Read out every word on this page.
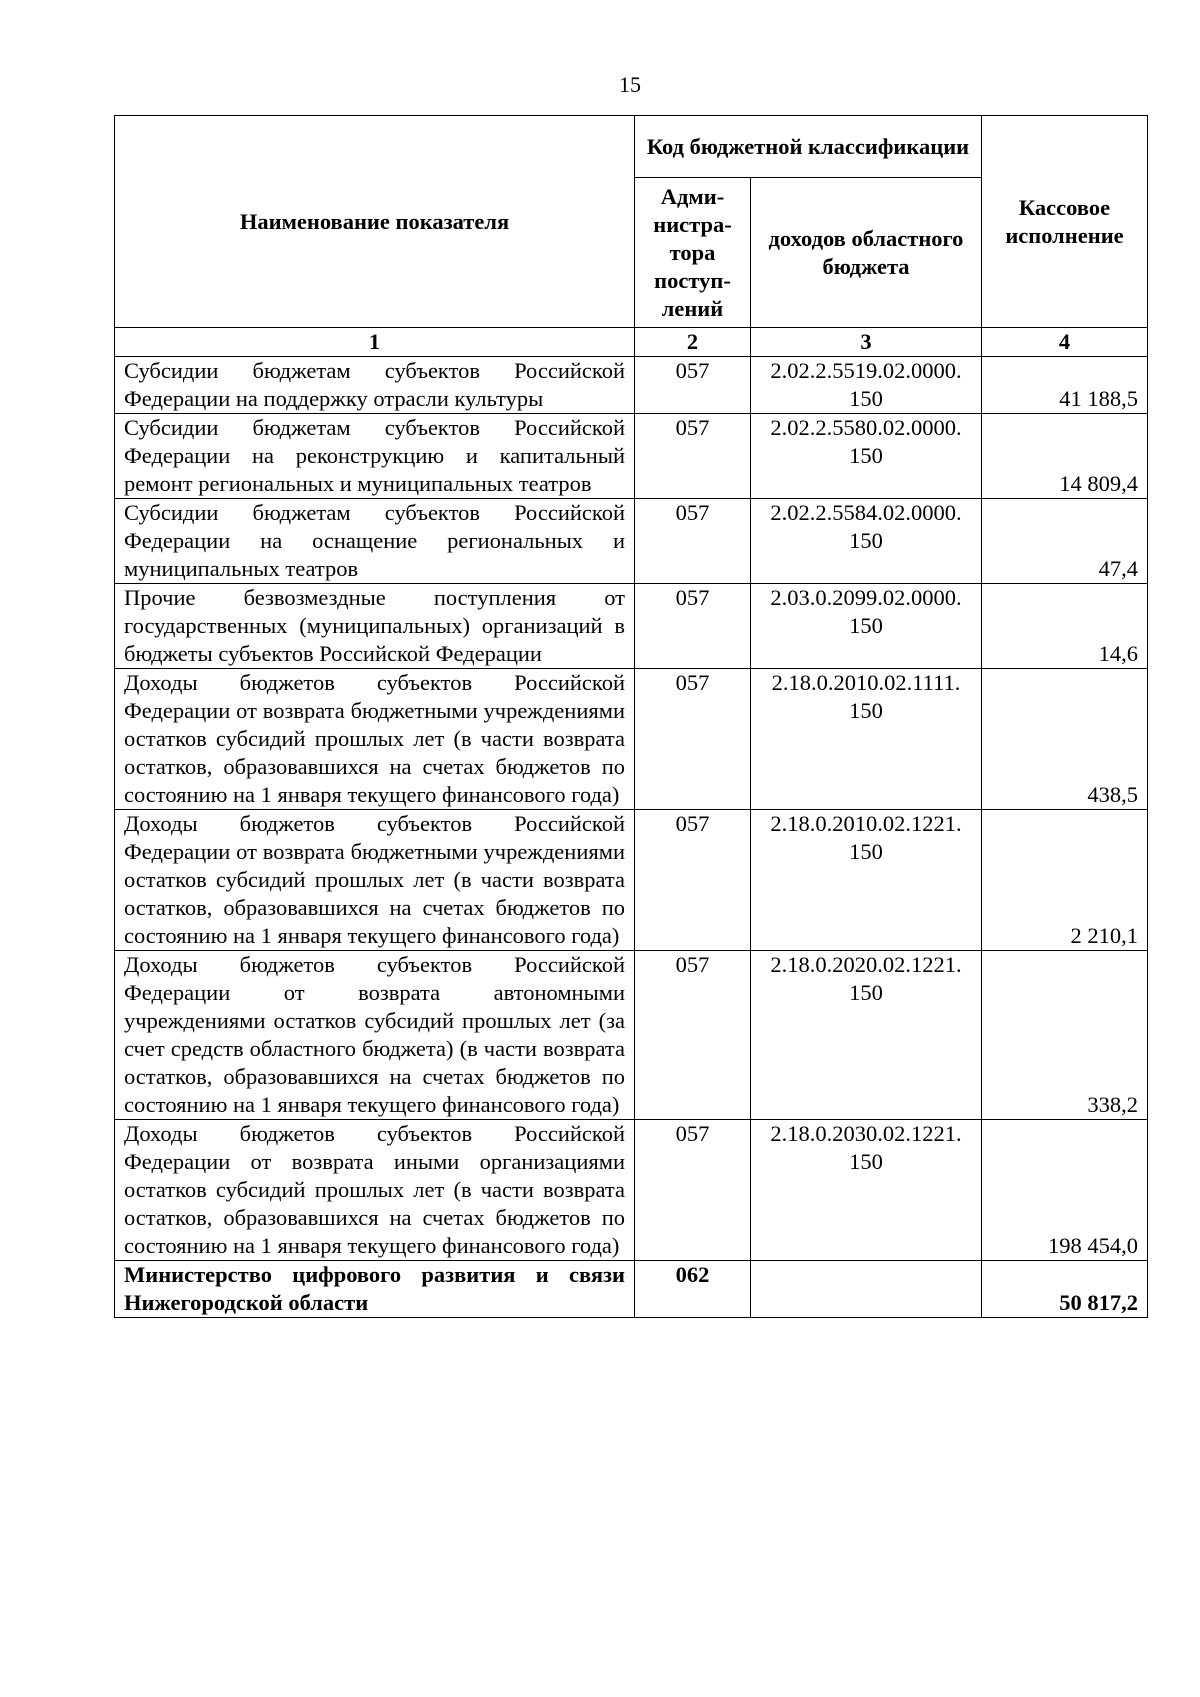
15
Наименование показателя	Код бюджетной классификации		Кассовое исполнение
	Адми-нистра-тора поступ-лений	доходов областного бюджета	
1	2	3	4
Субсидии бюджетам субъектов Российской Федерации на поддержку отрасли культуры	057	2.02.2.5519.02.0000. 150	41 188,5
Субсидии бюджетам субъектов Российской Федерации на реконструкцию и капитальный ремонт региональных и муниципальных театров	057	2.02.2.5580.02.0000. 150	14 809,4
Субсидии бюджетам субъектов Российской Федерации на оснащение региональных и муниципальных театров	057	2.02.2.5584.02.0000. 150	47,4
Прочие безвозмездные поступления от государственных (муниципальных) организаций в бюджеты субъектов Российской Федерации	057	2.03.0.2099.02.0000. 150	14,6
Доходы бюджетов субъектов Российской Федерации от возврата бюджетными учреждениями остатков субсидий прошлых лет (в части возврата остатков, образовавшихся на счетах бюджетов по состоянию на 1 января текущего финансового года)	057	2.18.0.2010.02.1111. 150	438,5
Доходы бюджетов субъектов Российской Федерации от возврата бюджетными учреждениями остатков субсидий прошлых лет (в части возврата остатков, образовавшихся на счетах бюджетов по состоянию на 1 января текущего финансового года)	057	2.18.0.2010.02.1221. 150	2 210,1
Доходы бюджетов субъектов Российской Федерации от возврата автономными учреждениями остатков субсидий прошлых лет (за счет средств областного бюджета) (в части возврата остатков, образовавшихся на счетах бюджетов по состоянию на 1 января текущего финансового года)	057	2.18.0.2020.02.1221. 150	338,2
Доходы бюджетов субъектов Российской Федерации от возврата иными организациями остатков субсидий прошлых лет (в части возврата остатков, образовавшихся на счетах бюджетов по состоянию на 1 января текущего финансового года)	057	2.18.0.2030.02.1221. 150	198 454,0
Министерство цифрового развития и связи Нижегородской области	062		50 817,2
